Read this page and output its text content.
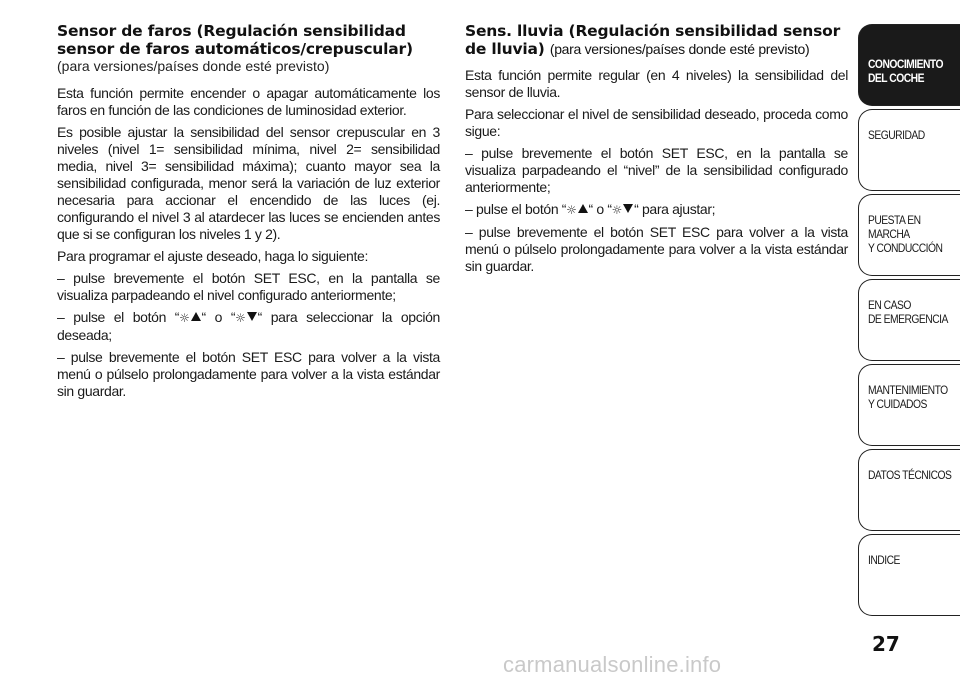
Sensor de faros (Regulación sensibilidad sensor de faros automáticos/crepuscular)
(para versiones/países donde esté previsto)

Esta función permite encender o apagar automáticamente los faros en función de las condiciones de luminosidad exterior.

Es posible ajustar la sensibilidad del sensor crepuscular en 3 niveles (nivel 1= sensibilidad mínima, nivel 2= sensibilidad media, nivel 3= sensibilidad máxima); cuanto mayor sea la sensibilidad configurada, menor será la variación de luz exterior necesaria para accionar el encendido de las luces (ej. configurando el nivel 3 al atardecer las luces se encienden antes que si se configuran los niveles 1 y 2).

Para programar el ajuste deseado, haga lo siguiente:

– pulse brevemente el botón SET ESC, en la pantalla se visualiza parpadeando el nivel configurado anteriormente;

– pulse el botón “☼ “ o “☼ “ para seleccionar la opción deseada;

– pulse brevemente el botón SET ESC para volver a la vista menú o púlselo prolongadamente para volver a la vista estándar sin guardar.

Sens. lluvia (Regulación sensibilidad sensor
de lluvia) (para versiones/países donde esté previsto)

Esta función permite regular (en 4 niveles) la sensibilidad del sensor de lluvia.

Para seleccionar el nivel de sensibilidad deseado, proceda como sigue:

– pulse brevemente el botón SET ESC, en la pantalla se visualiza parpadeando el “nivel” de la sensibilidad configurado anteriormente;

– pulse el botón “☼ “ o “☼ “ para ajustar;

– pulse brevemente el botón SET ESC para volver a la vista menú o púlselo prolongadamente para volver a la vista estándar sin guardar.

CONOCIMIENTO
DEL COCHE
SEGURIDAD
PUESTA EN MARCHA
Y CONDUCCIÓN
EN CASO
DE EMERGENCIA
MANTENIMIENTO
Y CUIDADOS
DATOS TÉCNICOS
INDICE
27
carmanualsonline.info
